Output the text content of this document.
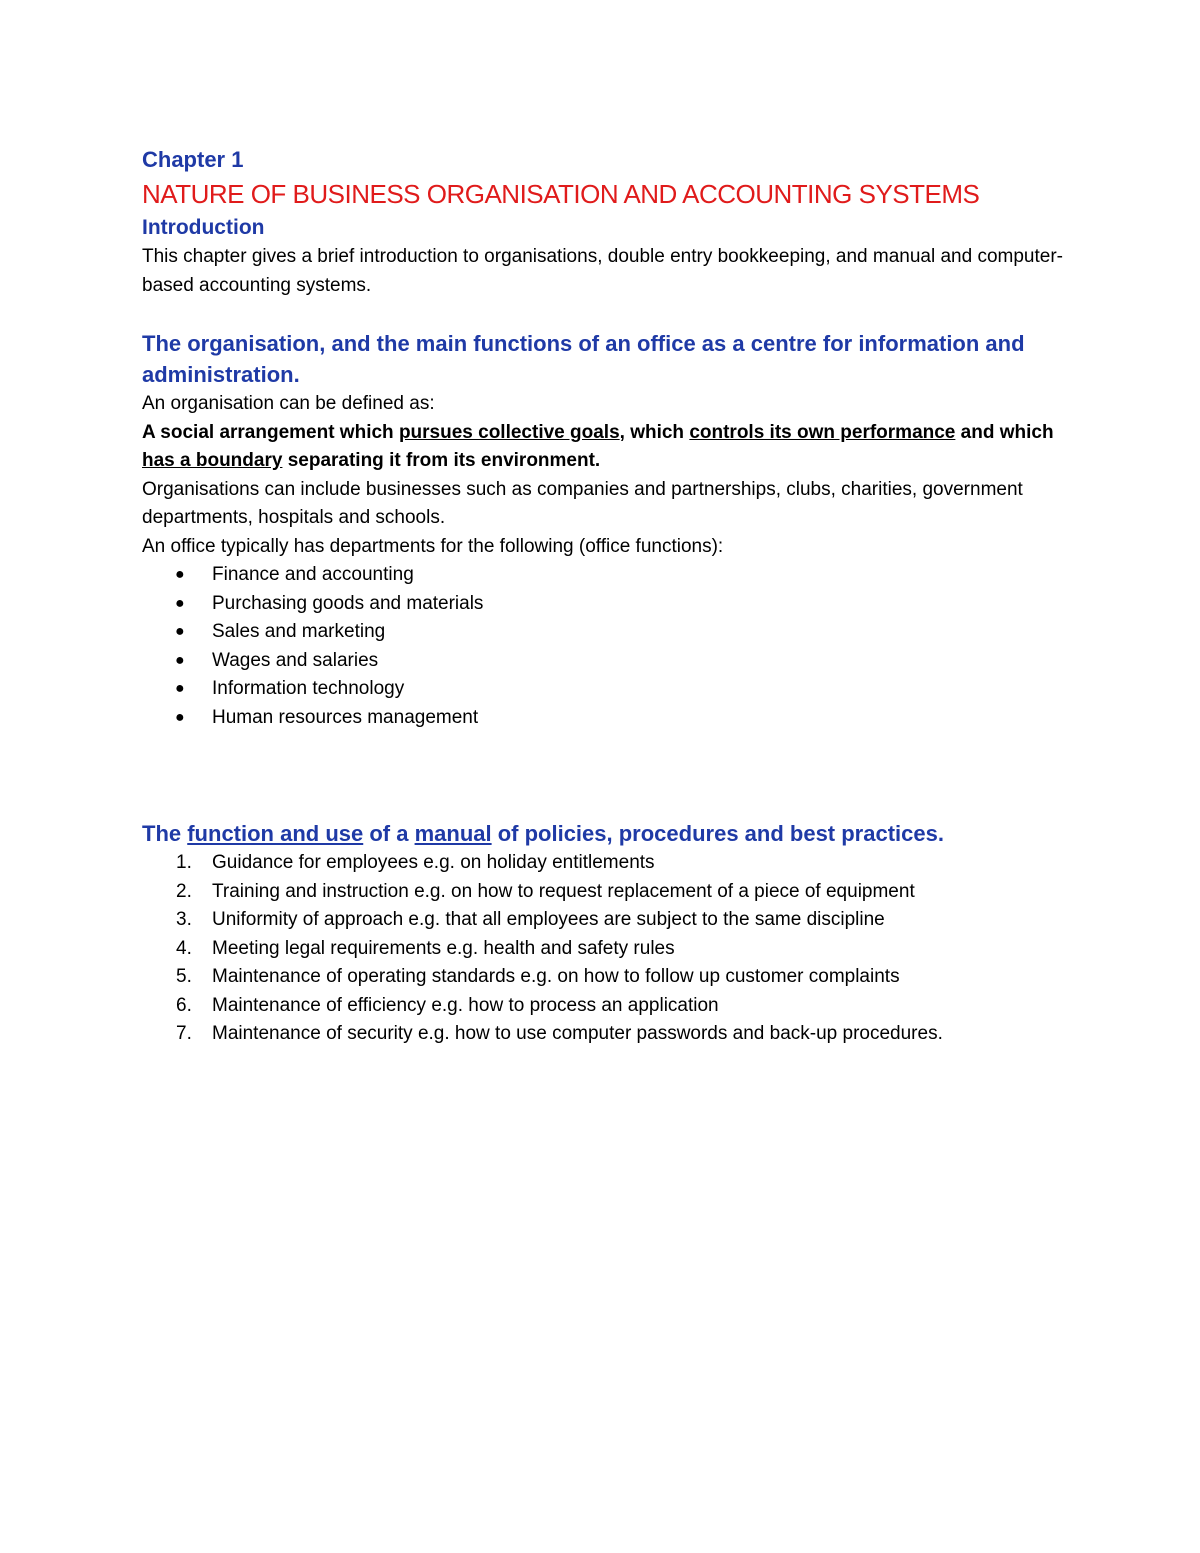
Chapter 1
NATURE OF BUSINESS ORGANISATION AND ACCOUNTING SYSTEMS
Introduction

This chapter gives a brief introduction to organisations, double entry bookkeeping, and manual and computer-based accounting systems.

The organisation, and the main functions of an office as a centre for information and administration.

An organisation can be defined as:

A social arrangement which pursues collective goals, which controls its own performance and which has a boundary separating it from its environment.

Organisations can include businesses such as companies and partnerships, clubs, charities, government departments, hospitals and schools.

An office typically has departments for the following (office functions):

● Finance and accounting
● Purchasing goods and materials
● Sales and marketing
● Wages and salaries
● Information technology
● Human resources management
The function and use of a manual of policies, procedures and best practices.
1. Guidance for employees e.g. on holiday entitlements
2. Training and instruction e.g. on how to request replacement of a piece of equipment
3. Uniformity of approach e.g. that all employees are subject to the same discipline
4. Meeting legal requirements e.g. health and safety rules
5. Maintenance of operating standards e.g. on how to follow up customer complaints
6. Maintenance of efficiency e.g. how to process an application
7. Maintenance of security e.g. how to use computer passwords and back-up procedures.
